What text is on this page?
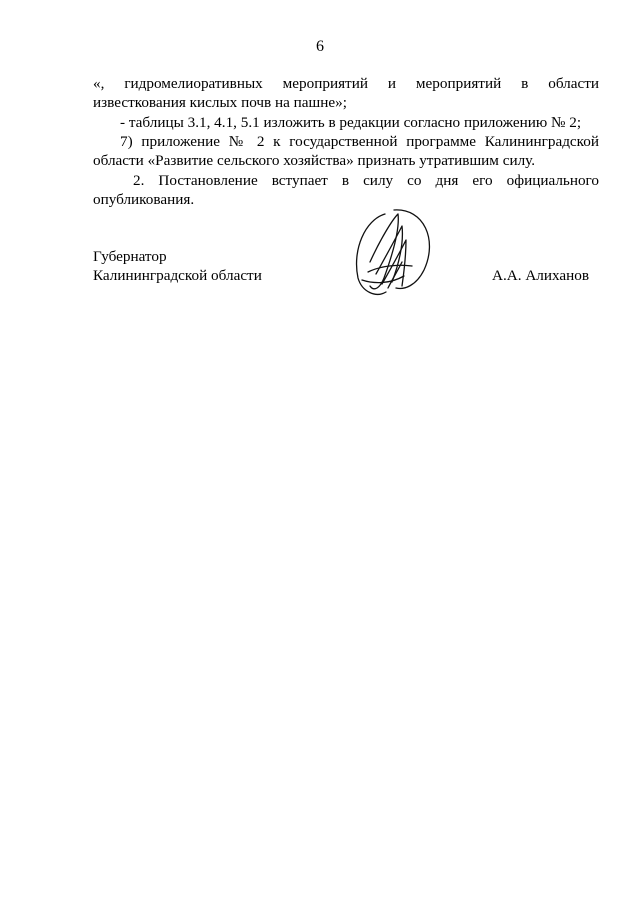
6
«, гидромелиоративных мероприятий и мероприятий в области
известкования кислых почв на пашне»;
- таблицы 3.1, 4.1, 5.1 изложить в редакции согласно приложению № 2;
7) приложение № 2 к государственной программе Калининградской
области «Развитие сельского хозяйства» признать утратившим силу.
2. Постановление вступает в силу со дня его официального
опубликования.
Губернатор
Калининградской области	А.А. Алиханов
